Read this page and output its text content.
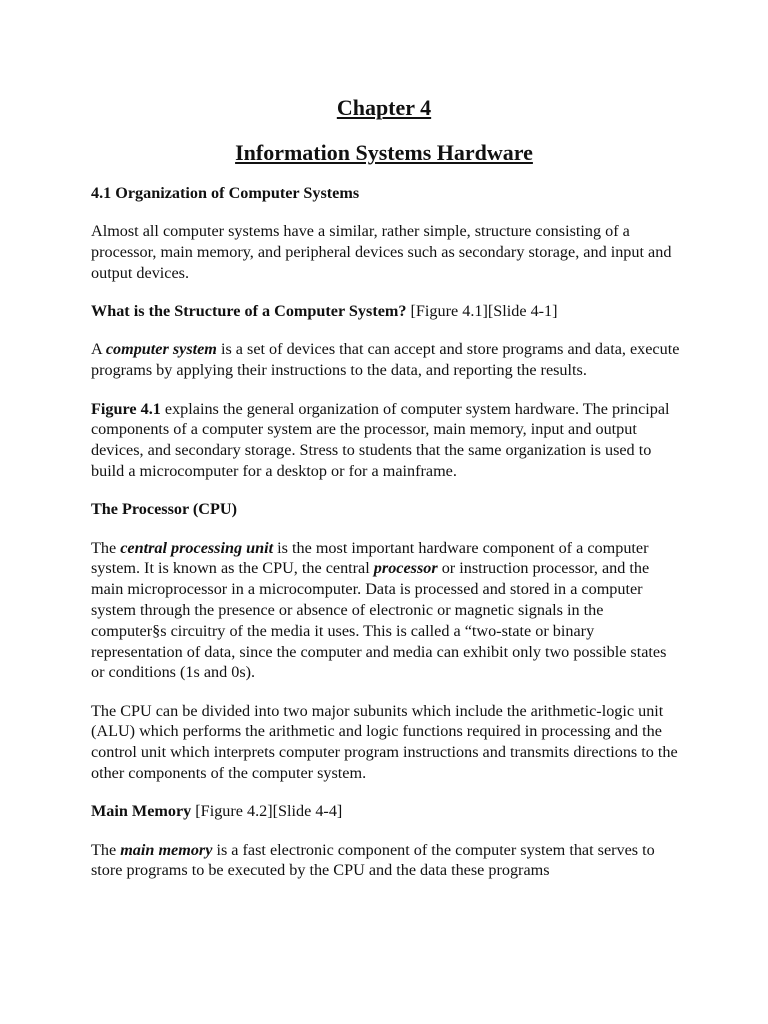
Chapter 4
Information Systems Hardware
4.1 Organization of Computer Systems

Almost all computer systems have a similar, rather simple, structure consisting of a processor, main memory, and peripheral devices such as secondary storage, and input and output devices.

What is the Structure of a Computer System? [Figure 4.1][Slide 4-1]

A computer system is a set of devices that can accept and store programs and data, execute programs by applying their instructions to the data, and reporting the results.

Figure 4.1 explains the general organization of computer system hardware. The principal components of a computer system are the processor, main memory, input and output devices, and secondary storage. Stress to students that the same organization is used to build a microcomputer for a desktop or for a mainframe.

The Processor (CPU)

The central processing unit is the most important hardware component of a computer system. It is known as the CPU, the central processor or instruction processor, and the main microprocessor in a microcomputer. Data is processed and stored in a computer system through the presence or absence of electronic or magnetic signals in the computer§s circuitry of the media it uses. This is called a “two-state or binary representation of data, since the computer and media can exhibit only two possible states or conditions (1s and 0s).

The CPU can be divided into two major subunits which include the arithmetic-logic unit (ALU) which performs the arithmetic and logic functions required in processing and the control unit which interprets computer program instructions and transmits directions to the other components of the computer system.

Main Memory [Figure 4.2][Slide 4-4]

The main memory is a fast electronic component of the computer system that serves to store programs to be executed by the CPU and the data these programs
